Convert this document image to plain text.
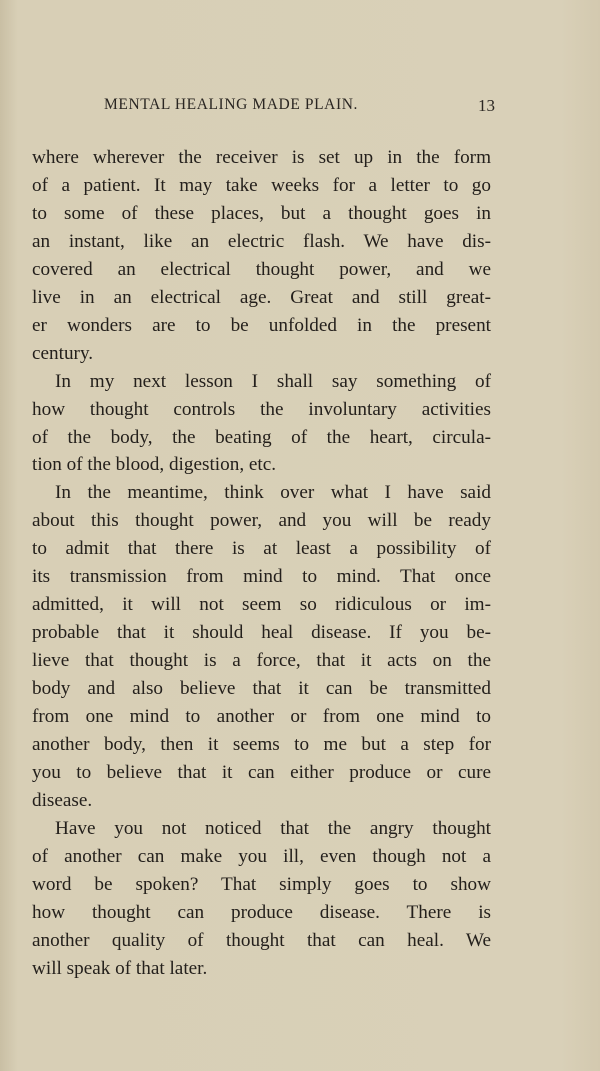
MENTAL HEALING MADE PLAIN.	13

where wherever the receiver is set up in the form
of a patient. It may take weeks for a letter to go
to some of these places, but a thought goes in
an instant, like an electric flash. We have dis-
covered an electrical thought power, and we
live in an electrical age. Great and still great-
er wonders are to be unfolded in the present
century.

In my next lesson I shall say something of
how thought controls the involuntary activities
of the body, the beating of the heart, circula-
tion of the blood, digestion, etc.

In the meantime, think over what I have said
about this thought power, and you will be ready
to admit that there is at least a possibility of
its transmission from mind to mind. That once
admitted, it will not seem so ridiculous or im-
probable that it should heal disease. If you be-
lieve that thought is a force, that it acts on the
body and also believe that it can be transmitted
from one mind to another or from one mind to
another body, then it seems to me but a step for
you to believe that it can either produce or cure
disease.

Have you not noticed that the angry thought
of another can make you ill, even though not a
word be spoken? That simply goes to show
how thought can produce disease. There is
another quality of thought that can heal. We
will speak of that later.
